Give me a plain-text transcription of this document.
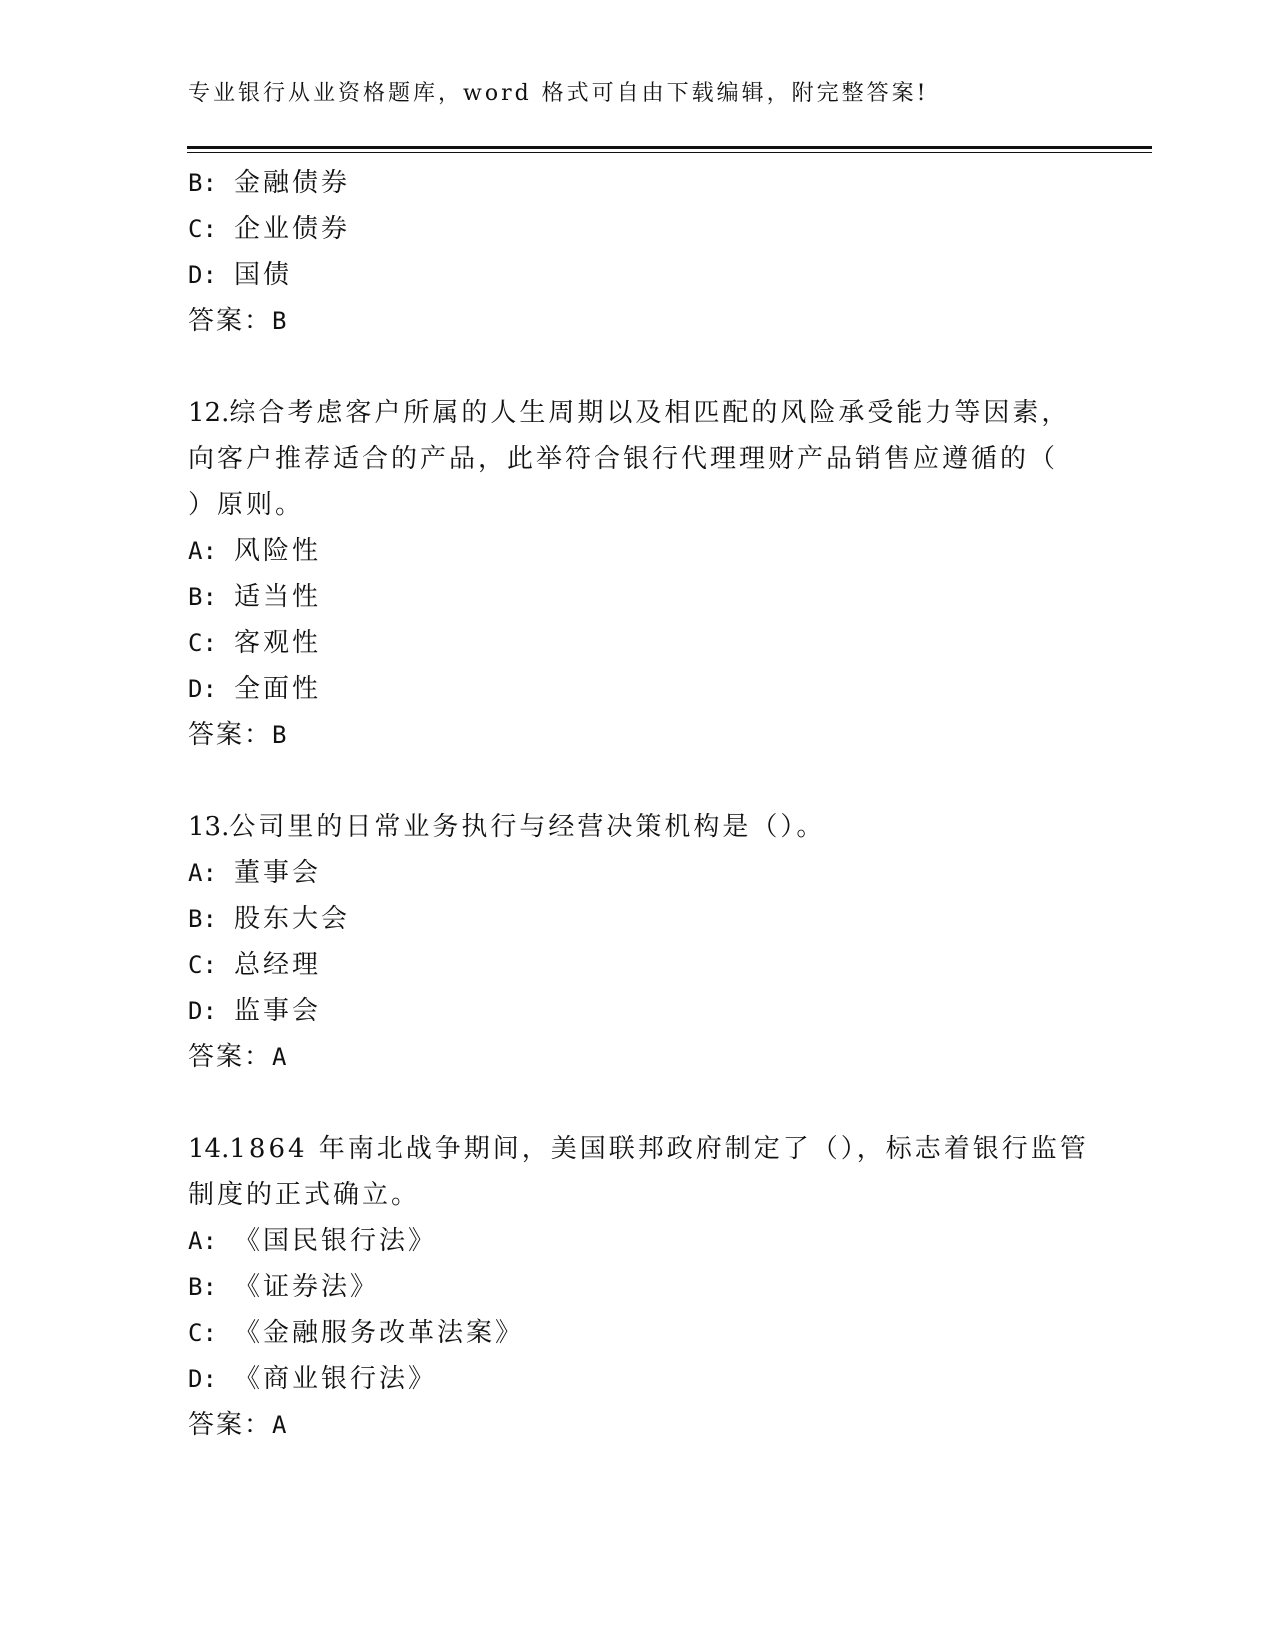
专业银行从业资格题库，word 格式可自由下载编辑，附完整答案!
B: 金融债券
C: 企业债券
D: 国债
答案：B
12.综合考虑客户所属的人生周期以及相匹配的风险承受能力等因素，
向客户推荐适合的产品，此举符合银行代理理财产品销售应遵循的（
）原则。
A: 风险性
B: 适当性
C: 客观性
D: 全面性
答案：B
13.公司里的日常业务执行与经营决策机构是（）。
A: 董事会
B: 股东大会
C: 总经理
D: 监事会
答案：A
14.1864 年南北战争期间，美国联邦政府制定了（），标志着银行监管
制度的正式确立。
A: 《国民银行法》
B: 《证券法》
C: 《金融服务改革法案》
D: 《商业银行法》
答案：A
